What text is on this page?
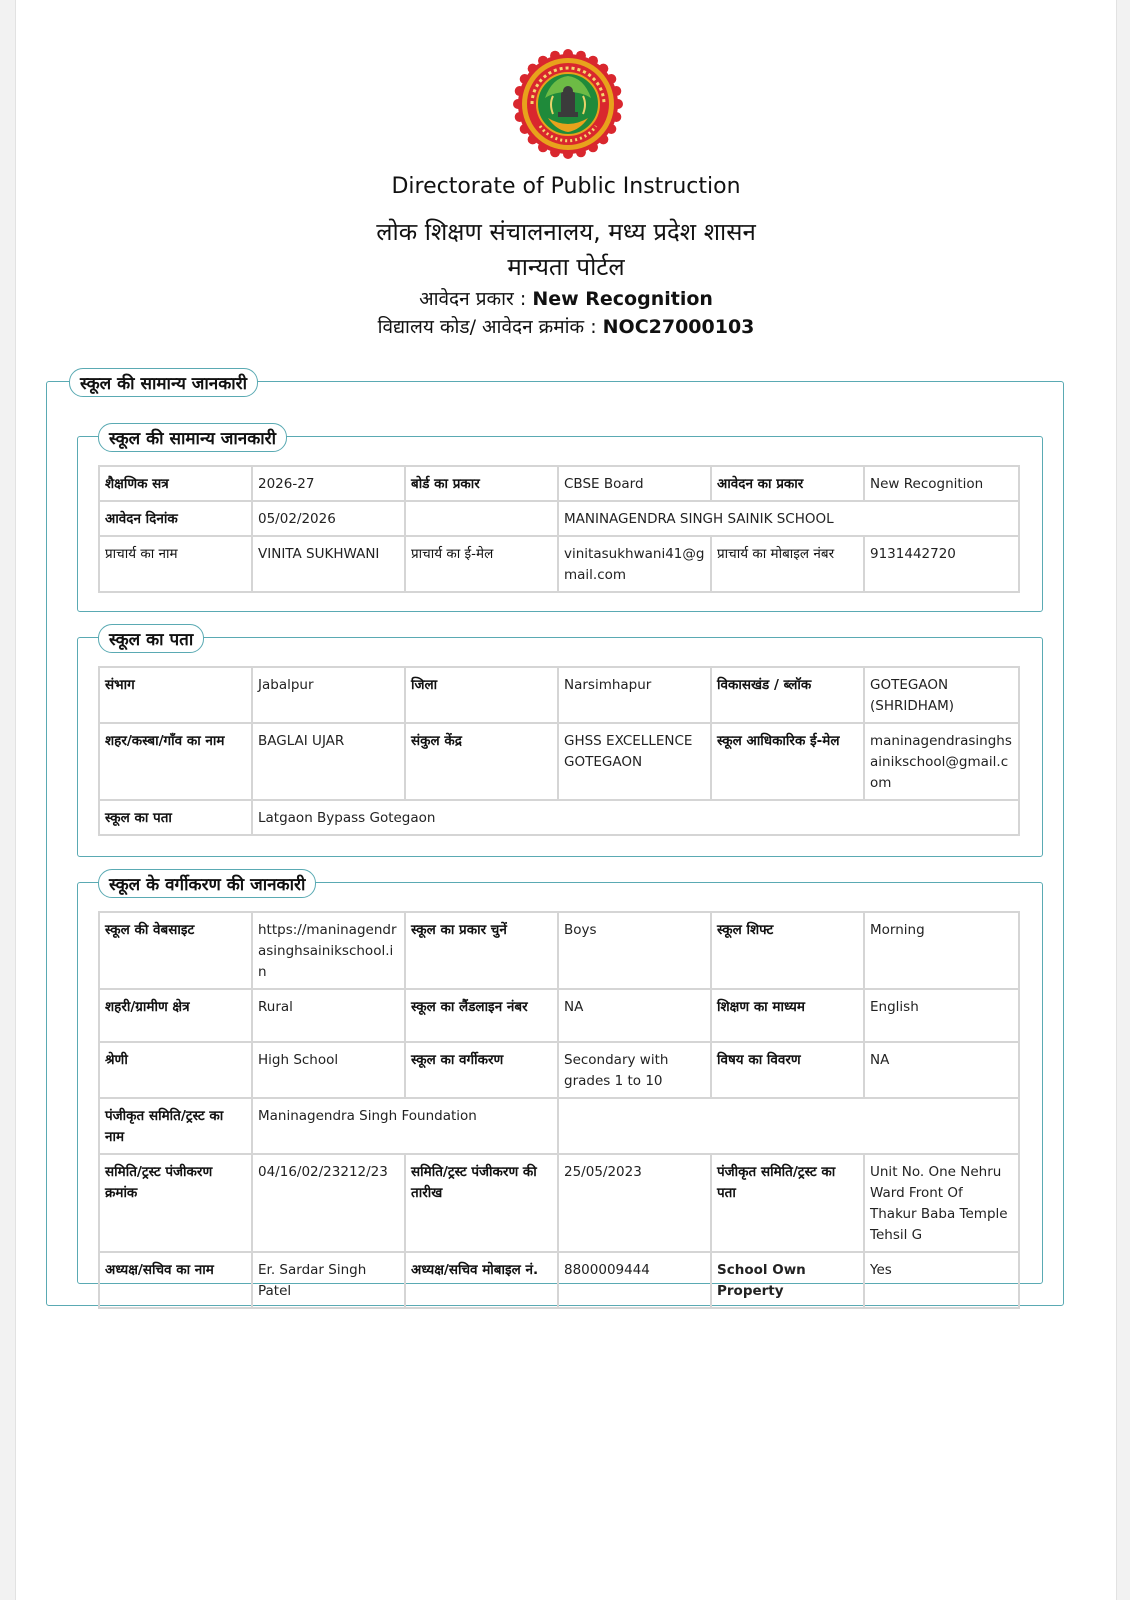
Directorate of Public Instruction
लोक शिक्षण संचालनालय, मध्य प्रदेश शासन
मान्यता पोर्टल
आवेदन प्रकार : New Recognition
विद्यालय कोड/ आवेदन क्रमांक : NOC27000103
स्कूल की सामान्य जानकारी
स्कूल की सामान्य जानकारी
शैक्षणिक सत्र	2026-27	बोर्ड का प्रकार	CBSE Board	आवेदन का प्रकार	New Recognition
आवेदन दिनांक	05/02/2026		MANINAGENDRA SINGH SAINIK SCHOOL		
प्राचार्य का नाम	VINITA SUKHWANI	प्राचार्य का ई-मेल	vinitasukhwani41@gmail.com	प्राचार्य का मोबाइल नंबर	9131442720
स्कूल का पता
संभाग	Jabalpur	जिला	Narsimhapur	विकासखंड / ब्लॉक	GOTEGAON (SHRIDHAM)
शहर/कस्बा/गाँव का नाम	BAGLAI UJAR	संकुल केंद्र	GHSS EXCELLENCE GOTEGAON	स्कूल आधिकारिक ई-मेल	maninagendrasinghsainikschool@gmail.com
स्कूल का पता	Latgaon Bypass Gotegaon				
स्कूल के वर्गीकरण की जानकारी
स्कूल की वेबसाइट	https://maninagendrasinghsainikschool.in	स्कूल का प्रकार चुनें	Boys	स्कूल शिफ्ट	Morning
शहरी/ग्रामीण क्षेत्र	Rural	स्कूल का लैंडलाइन नंबर	NA	शिक्षण का माध्यम	English
श्रेणी	High School	स्कूल का वर्गीकरण	Secondary with grades 1 to 10	विषय का विवरण	NA
पंजीकृत समिति/ट्रस्ट का नाम	Maninagendra Singh Foundation				
समिति/ट्रस्ट पंजीकरण क्रमांक	04/16/02/23212/23	समिति/ट्रस्ट पंजीकरण की तारीख	25/05/2023	पंजीकृत समिति/ट्रस्ट का पता	Unit No. One Nehru Ward Front Of Thakur Baba Temple Tehsil G
अध्यक्ष/सचिव का नाम	Er. Sardar Singh Patel	अध्यक्ष/सचिव मोबाइल नं.	8800009444	School Own Property	Yes
